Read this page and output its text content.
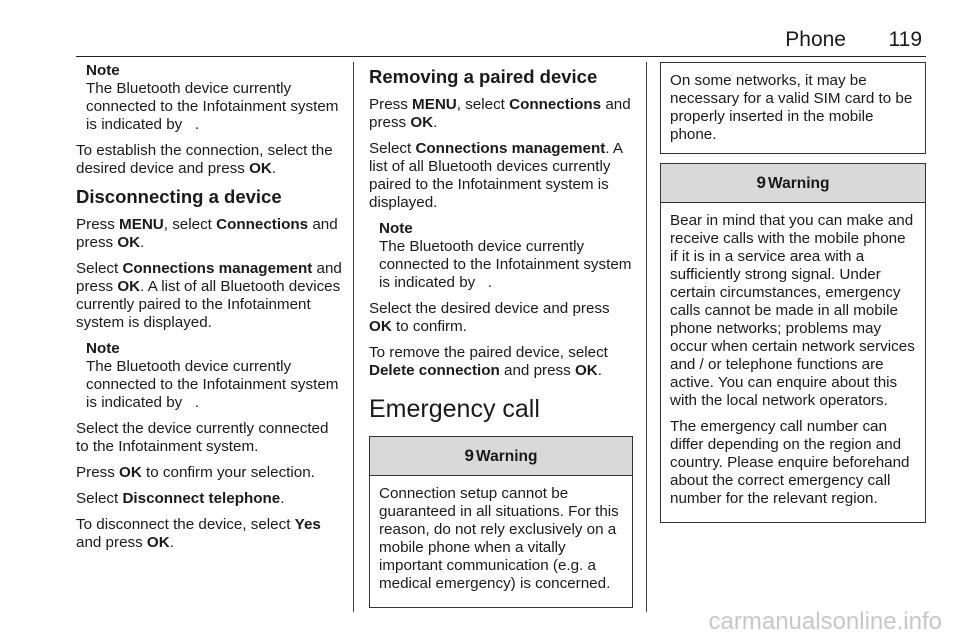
Phone 119
Note
The Bluetooth device currently connected to the Infotainment system is indicated by   .

To establish the connection, select the desired device and press OK.

Disconnecting a device

Press MENU, select Connections and press OK.

Select Connections management and press OK. A list of all Bluetooth devices currently paired to the Infotainment system is displayed.

Note
The Bluetooth device currently connected to the Infotainment system is indicated by   .

Select the device currently connected to the Infotainment system.

Press OK to confirm your selection.

Select Disconnect telephone.

To disconnect the device, select Yes and press OK.

Removing a paired device

Press MENU, select Connections and press OK.

Select Connections management. A list of all Bluetooth devices currently paired to the Infotainment system is displayed.

Note
The Bluetooth device currently connected to the Infotainment system is indicated by   .

Select the desired device and press OK to confirm.

To remove the paired device, select Delete connection and press OK.

Emergency call
9 Warning

Connection setup cannot be guaranteed in all situations. For this reason, do not rely exclusively on a mobile phone when a vitally important communication (e.g. a medical emergency) is concerned.

On some networks, it may be necessary for a valid SIM card to be properly inserted in the mobile phone.
9 Warning

Bear in mind that you can make and receive calls with the mobile phone if it is in a service area with a sufficiently strong signal. Under certain circumstances, emergency calls cannot be made in all mobile phone networks; problems may occur when certain network services and / or telephone functions are active. You can enquire about this with the local network operators.

The emergency call number can differ depending on the region and country. Please enquire beforehand about the correct emergency call number for the relevant region.

carmanualsonline.info
